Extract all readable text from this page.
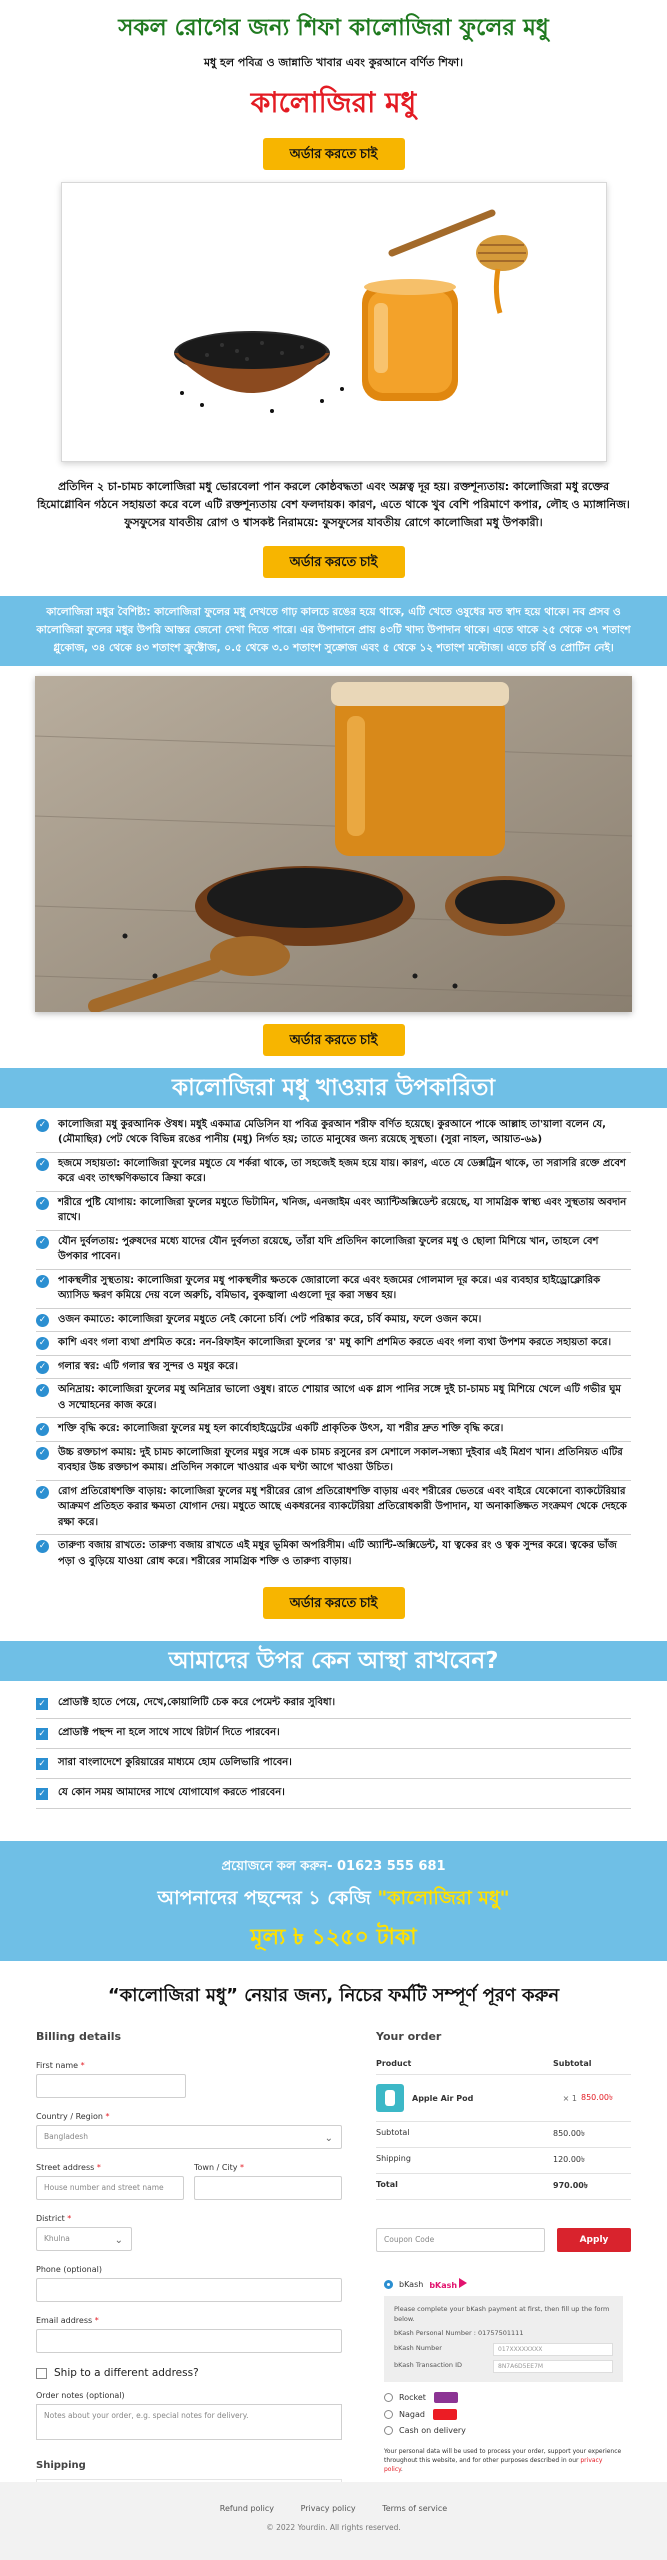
সকল রোগের জন্য শিফা কালোজিরা ফুলের মধু

মধু হল পবিত্র ও জান্নাতি খাবার এবং কুরআনে বর্ণিত শিফা।

কালোজিরা মধু
অর্ডার করতে চাই

প্রতিদিন ২ চা-চামচ কালোজিরা মধু ভোরবেলা পান করলে কোষ্ঠবদ্ধতা এবং অম্লত্ব দূর হয়। রক্তশূন্যতায়: কালোজিরা মধু রক্তের হিমোগ্লোবিন গঠনে সহায়তা করে বলে এটি রক্তশূন্যতায় বেশ ফলদায়ক। কারণ, এতে থাকে খুব বেশি পরিমাণে কপার, লৌহ ও ম্যাঙ্গানিজ। ফুসফুসের যাবতীয় রোগ ও শ্বাসকষ্ট নিরাময়ে: ফুসফুসের যাবতীয় রোগে কালোজিরা মধু উপকারী।

অর্ডার করতে চাই

কালোজিরা মধুর বৈশিষ্ট্য: কালোজিরা ফুলের মধু দেখতে গাঢ় কালচে রঙের হয়ে থাকে, এটি খেতে ওষুধের মত স্বাদ হয়ে থাকে। নব প্রসব ও কালোজিরা ফুলের মধুর উপরি আস্তর জেনো দেখা দিতে পারে। এর উপাদানে প্রায় ৪৩টি খাদ্য উপাদান থাকে। এতে থাকে ২৫ থেকে ৩৭ শতাংশ গ্লুকোজ, ৩৪ থেকে ৪৩ শতাংশ ফ্রুক্টোজ, ০.৫ থেকে ৩.০ শতাংশ সুক্রোজ এবং ৫ থেকে ১২ শতাংশ মল্টোজ। এতে চর্বি ও প্রোটিন নেই।

অর্ডার করতে চাই
কালোজিরা মধু খাওয়ার উপকারিতা
✓ কালোজিরা মধু কুরআনিক ঔষধ। মধুই একমাত্র মেডিসিন যা পবিত্র কুরআন শরীফ বর্ণিত হয়েছে। কুরআনে পাকে আল্লাহ তা'য়ালা বলেন যে, (মৌমাছির) পেট থেকে বিভিন্ন রঙের পানীয় (মধু) নির্গত হয়; তাতে মানুষের জন্য রয়েছে সুস্থতা। (সুরা নাহল, আয়াত-৬৯)
✓ হজমে সহায়তা: কালোজিরা ফুলের মধুতে যে শর্করা থাকে, তা সহজেই হজম হয়ে যায়। কারণ, এতে যে ডেক্সট্রিন থাকে, তা সরাসরি রক্তে প্রবেশ করে এবং তাৎক্ষণিকভাবে ক্রিয়া করে।
✓ শরীরে পুষ্টি যোগায়: কালোজিরা ফুলের মধুতে ভিটামিন, খনিজ, এনজাইম এবং অ্যান্টিঅক্সিডেন্ট রয়েছে, যা সামগ্রিক স্বাস্থ্য এবং সুস্থতায় অবদান রাখে।
✓ যৌন দুর্বলতায়: পুরুষদের মধ্যে যাদের যৌন দুর্বলতা রয়েছে, তাঁরা যদি প্রতিদিন কালোজিরা ফুলের মধু ও ছোলা মিশিয়ে খান, তাহলে বেশ উপকার পাবেন।
✓ পাকস্থলীর সুস্থতায়: কালোজিরা ফুলের মধু পাকস্থলীর ক্ষতকে জোরালো করে এবং হজমের গোলমাল দূর করে। এর ব্যবহার হাইড্রোক্লোরিক অ্যাসিড ক্ষরণ কমিয়ে দেয় বলে অরুচি, বমিভাব, বুকজ্বালা এগুলো দূর করা সম্ভব হয়।
✓ ওজন কমাতে: কালোজিরা ফুলের মধুতে নেই কোনো চর্বি। পেট পরিষ্কার করে, চর্বি কমায়, ফলে ওজন কমে।
✓ কাশি এবং গলা ব্যথা প্রশমিত করে: নন-রিফাইন কালোজিরা ফুলের 'র' মধু কাশি প্রশমিত করতে এবং গলা ব্যথা উপশম করতে সহায়তা করে।
✓ গলার স্বর: এটি গলার স্বর সুন্দর ও মধুর করে।
✓ অনিদ্রায়: কালোজিরা ফুলের মধু অনিদ্রার ভালো ওষুধ। রাতে শোয়ার আগে এক গ্লাস পানির সঙ্গে দুই চা-চামচ মধু মিশিয়ে খেলে এটি গভীর ঘুম ও সম্মোহনের কাজ করে।
✓ শক্তি বৃদ্ধি করে: কালোজিরা ফুলের মধু হল কার্বোহাইড্রেটের একটি প্রাকৃতিক উৎস, যা শরীর দ্রুত শক্তি বৃদ্ধি করে।
✓ উচ্চ রক্তচাপ কমায়: দুই চামচ কালোজিরা ফুলের মধুর সঙ্গে এক চামচ রসুনের রস মেশালে সকাল-সন্ধ্যা দুইবার এই মিশ্রণ খান। প্রতিনিয়ত এটির ব্যবহার উচ্চ রক্তচাপ কমায়। প্রতিদিন সকালে খাওয়ার এক ঘণ্টা আগে খাওয়া উচিত।
✓ রোগ প্রতিরোধশক্তি বাড়ায়: কালোজিরা ফুলের মধু শরীরের রোগ প্রতিরোধশক্তি বাড়ায় এবং শরীরের ভেতরে এবং বাইরে যেকোনো ব্যাকটেরিয়ার আক্রমণ প্রতিহত করার ক্ষমতা যোগান দেয়। মধুতে আছে একধরনের ব্যাকটেরিয়া প্রতিরোধকারী উপাদান, যা অনাকাঙ্ক্ষিত সংক্রমণ থেকে দেহকে রক্ষা করে।
✓ তারুণ্য বজায় রাখতে: তারুণ্য বজায় রাখতে এই মধুর ভূমিকা অপরিসীম। এটি অ্যান্টি-অক্সিডেন্ট, যা ত্বকের রং ও ত্বক সুন্দর করে। ত্বকের ভাঁজ পড়া ও বুড়িয়ে যাওয়া রোধ করে। শরীরের সামগ্রিক শক্তি ও তারুণ্য বাড়ায়।
অর্ডার করতে চাই
আমাদের উপর কেন আস্থা রাখবেন?
✓ প্রোডাক্ট হাতে পেয়ে, দেখে,কোয়ালিটি চেক করে পেমেন্ট করার সুবিধা।
✓ প্রোডাক্ট পছন্দ না হলে সাথে সাথে রিটার্ন দিতে পারবেন।
✓ সারা বাংলাদেশে কুরিয়ারের মাধ্যমে হোম ডেলিভারি পাবেন।
✓ যে কোন সময় আমাদের সাথে যোগাযোগ করতে পারবেন।

প্রয়োজনে কল করুন- 01623 555 681

আপনাদের পছন্দের ১ কেজি "কালোজিরা মধু"

মূল্য ৳ ১২৫০ টাকা

“কালোজিরা মধু” নেয়ার জন্য, নিচের ফর্মটি সম্পূর্ণ পূরণ করুন
Billing details
First name *
Country / Region *
Bangladesh ⌄
Street address *
House number and street name
Town / City *
District *
Khulna ⌄
Phone (optional)
Email address *
Ship to a different address?
Order notes (optional)
Notes about your order, e.g. special notes for delivery.
Shipping
Your order
Product	Subtotal
Apple Air Pod	× 1 850.00৳
Subtotal	850.00৳
Shipping	120.00৳
Total	970.00৳
Coupon Code	Apply
bKash bKash

Please complete your bKash payment at first, then fill up the form below.

bKash Personal Number : 01757501111

bKash Number	017XXXXXXXX
bKash Transaction ID	8N7A6D5EE7M
Rocket
Nagad
Cash on delivery

Your personal data will be used to process your order, support your experience throughout this website, and for other purposes described in our privacy policy.

Refund policy	Privacy policy	Terms of service

© 2022 Yourdin. All rights reserved.
